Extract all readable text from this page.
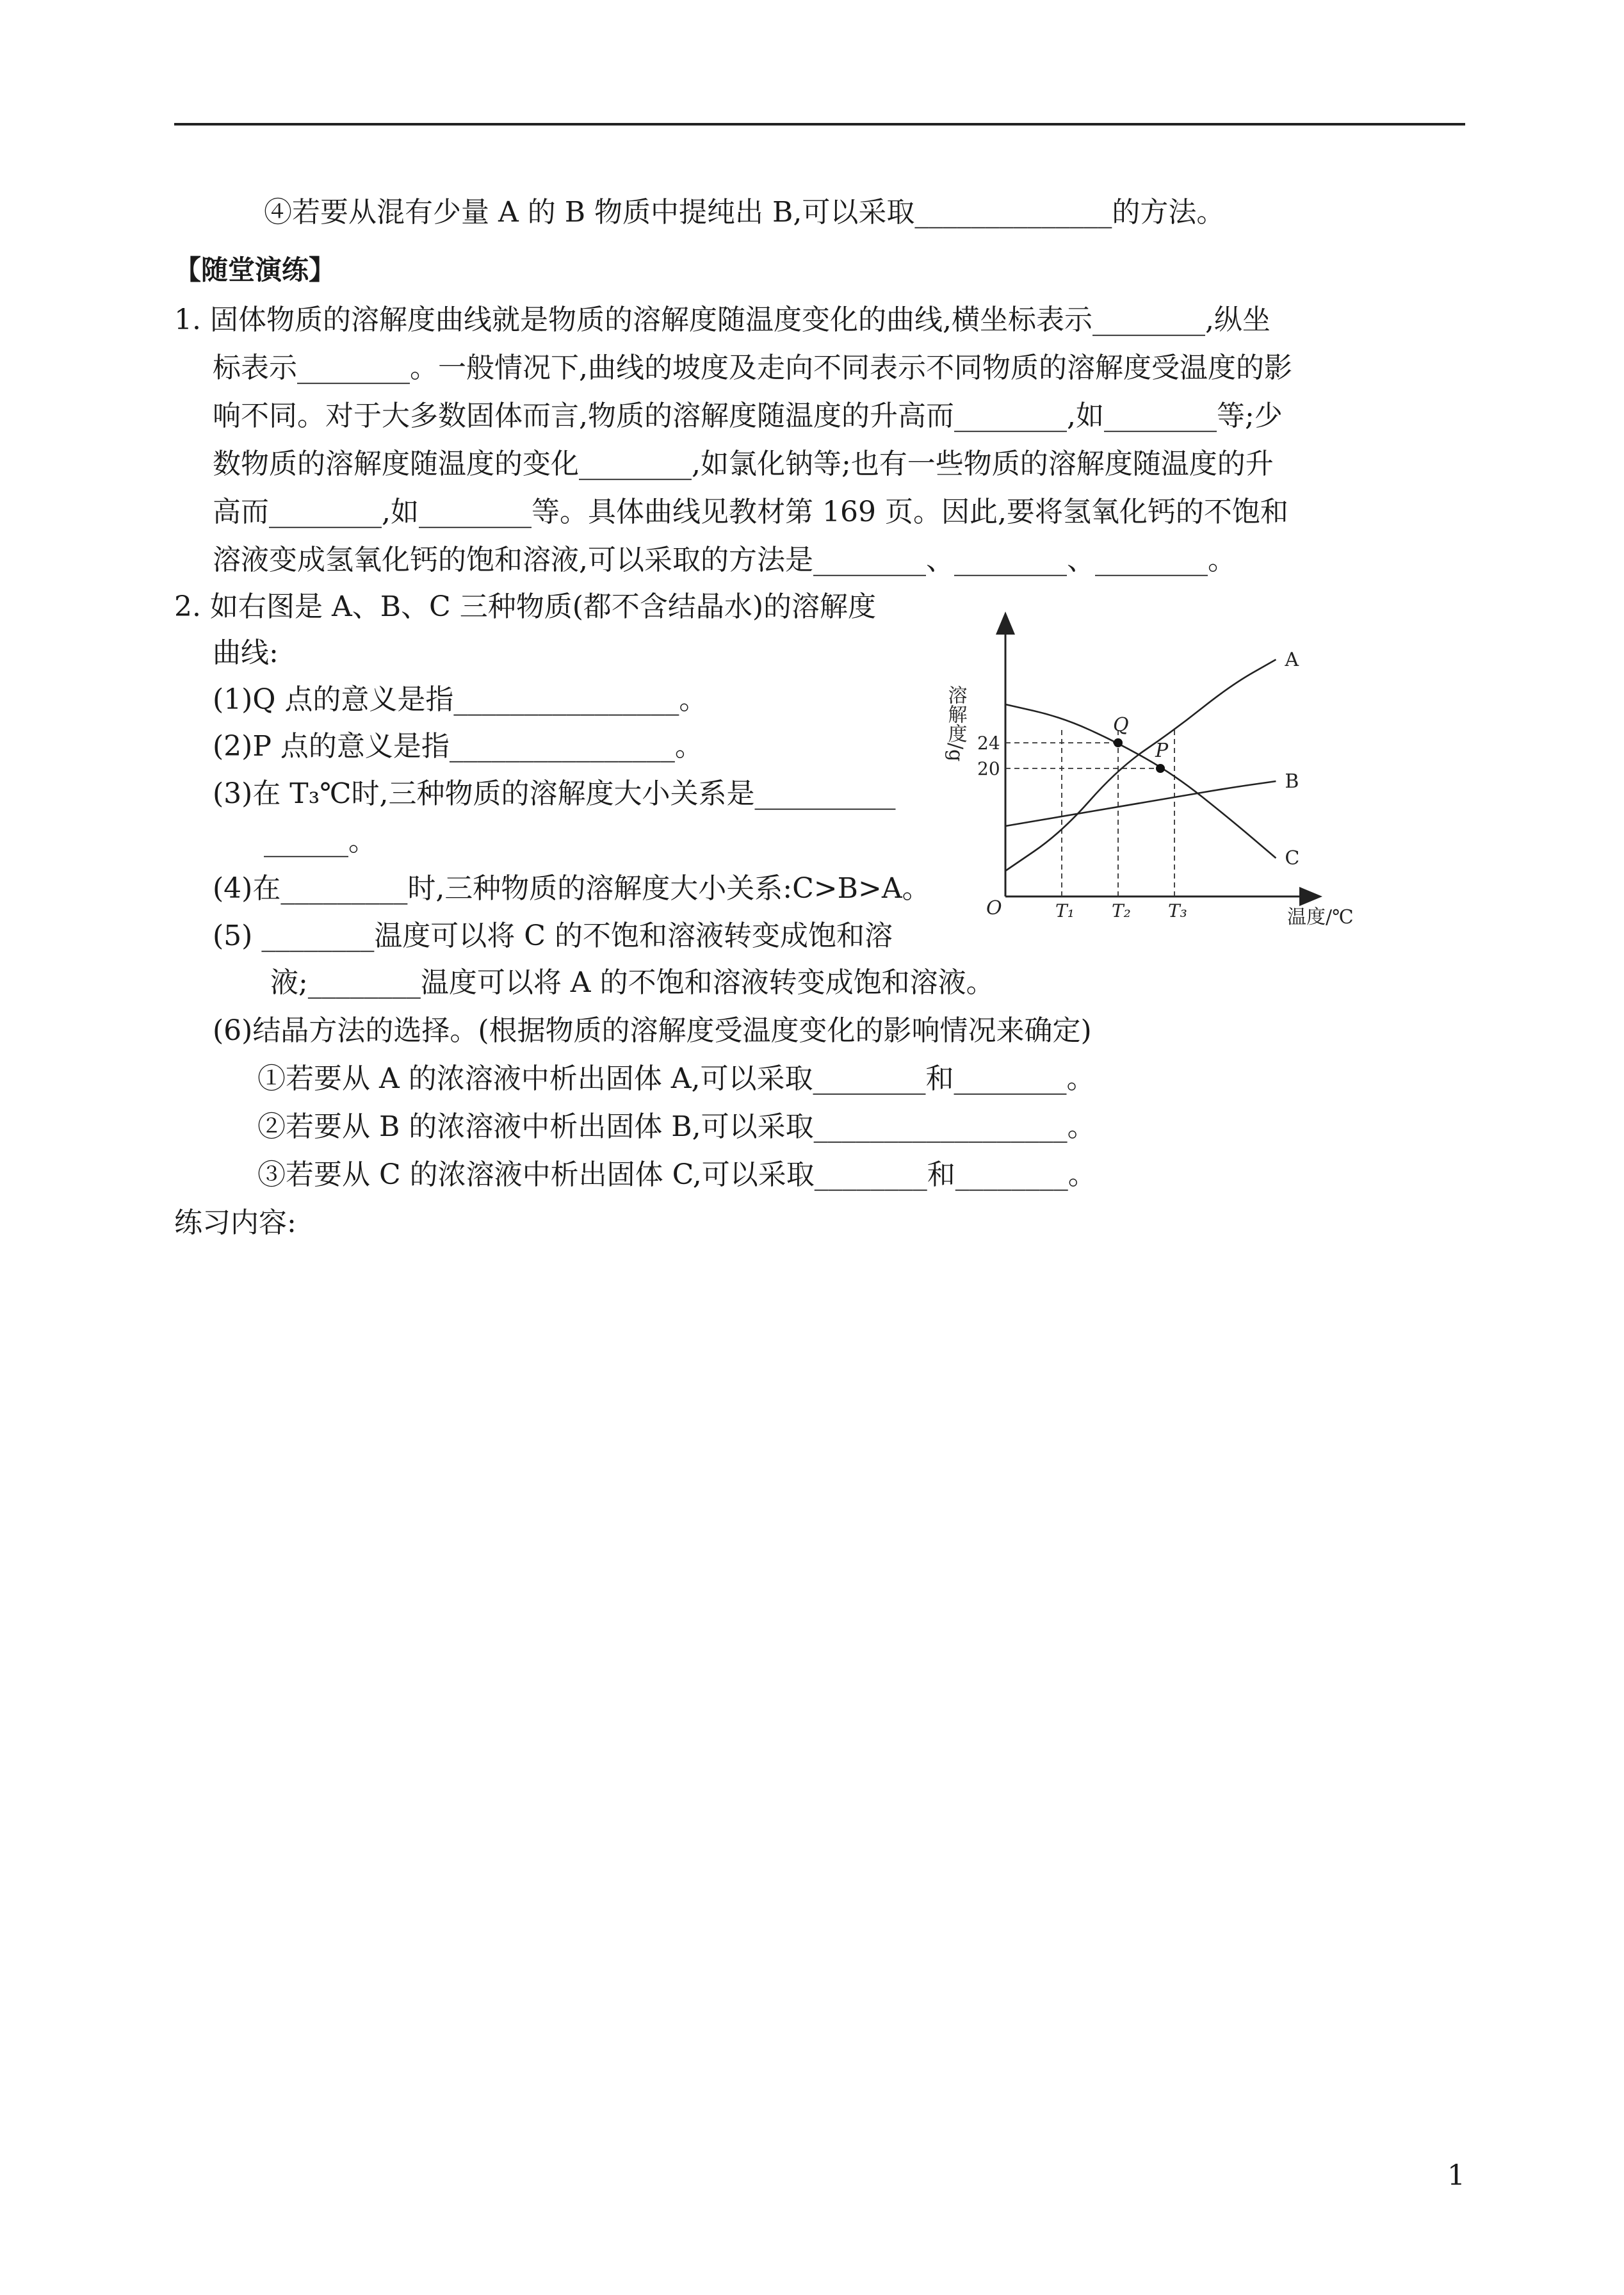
④若要从混有少量 A 的 B 物质中提纯出 B,可以采取______________的方法。
【随堂演练】
1. 固体物质的溶解度曲线就是物质的溶解度随温度变化的曲线,横坐标表示________,纵坐
标表示________。一般情况下,曲线的坡度及走向不同表示不同物质的溶解度受温度的影
响不同。对于大多数固体而言,物质的溶解度随温度的升高而________,如________等;少
数物质的溶解度随温度的变化________,如氯化钠等;也有一些物质的溶解度随温度的升
高而________,如________等。具体曲线见教材第 169 页。因此,要将氢氧化钙的不饱和
溶液变成氢氧化钙的饱和溶液,可以采取的方法是________、________、________。
2. 如右图是 A、B、C 三种物质(都不含结晶水)的溶解度
曲线:
(1)Q 点的意义是指________________。
(2)P 点的意义是指________________。
(3)在 T₃℃时,三种物质的溶解度大小关系是__________
______。
(4)在_________时,三种物质的溶解度大小关系:C>B>A。
(5) ________温度可以将 C 的不饱和溶液转变成饱和溶
液;________温度可以将 A 的不饱和溶液转变成饱和溶液。
(6)结晶方法的选择。(根据物质的溶解度受温度变化的影响情况来确定)
①若要从 A 的浓溶液中析出固体 A,可以采取________和________。
②若要从 B 的浓溶液中析出固体 B,可以采取__________________。
③若要从 C 的浓溶液中析出固体 C,可以采取________和________。
练习内容:
1
O	温度/℃
溶解度/g
A
B
C
T₁ T₂ T₃
20
24
Q
P
